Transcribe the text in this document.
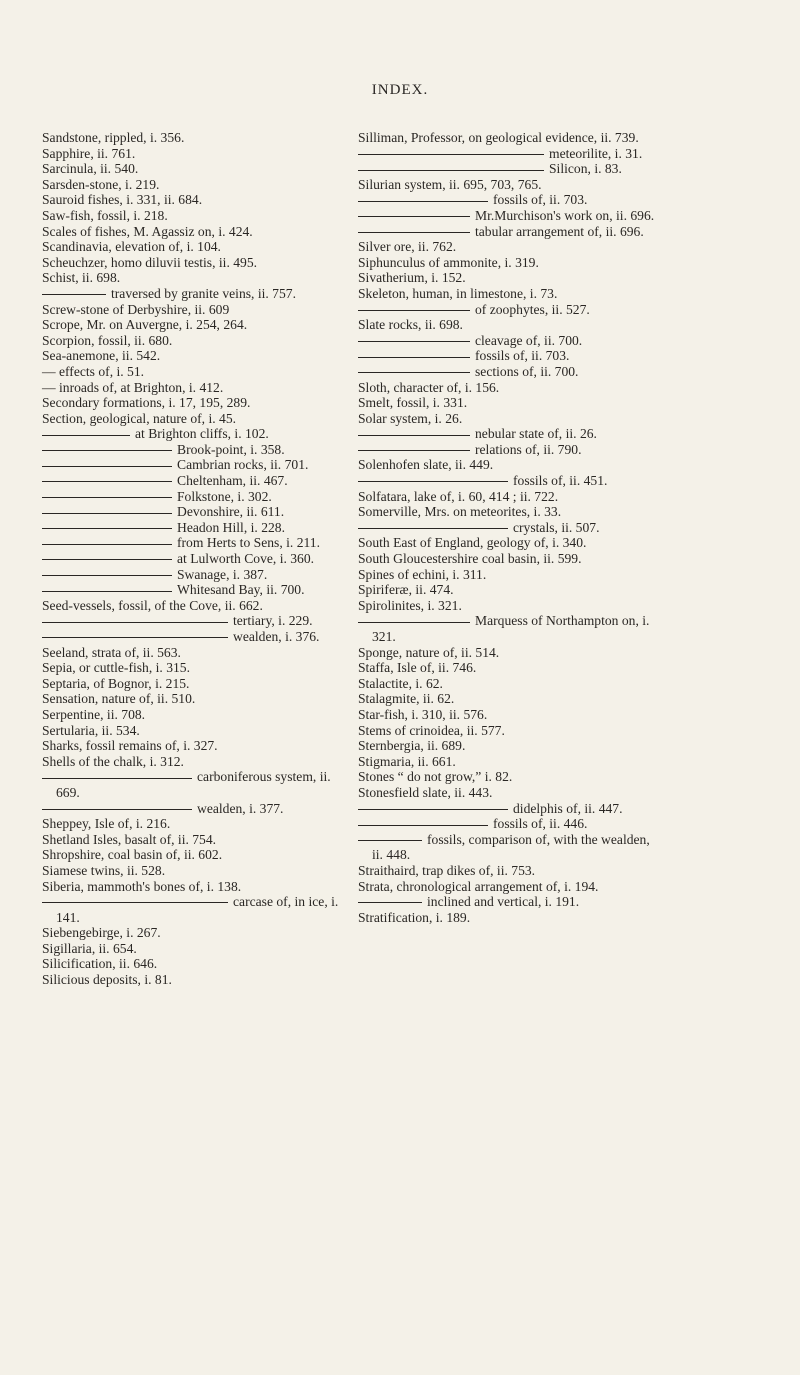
INDEX.

Sandstone, rippled, i. 356.

Sapphire, ii. 761.

Sarcinula, ii. 540.

Sarsden-stone, i. 219.

Sauroid fishes, i. 331, ii. 684.

Saw-fish, fossil, i. 218.

Scales of fishes, M. Agassiz on, i. 424.

Scandinavia, elevation of, i. 104.

Scheuchzer, homo diluvii testis, ii. 495.

Schist, ii. 698.

traversed by granite veins, ii. 757.

Screw-stone of Derbyshire, ii. 609

Scrope, Mr. on Auvergne, i. 254, 264.

Scorpion, fossil, ii. 680.

Sea-anemone, ii. 542.

— effects of, i. 51.

— inroads of, at Brighton, i. 412.

Secondary formations, i. 17, 195, 289.

Section, geological, nature of, i. 45.

at Brighton cliffs, i. 102.

Brook-point, i. 358.

Cambrian rocks, ii. 701.

Cheltenham, ii. 467.

Folkstone, i. 302.

Devonshire, ii. 611.

Headon Hill, i. 228.

from Herts to Sens, i. 211.

at Lulworth Cove, i. 360.

Swanage, i. 387.

Whitesand Bay, ii. 700.

Seed-vessels, fossil, of the Cove, ii. 662.

tertiary, i. 229.

wealden, i. 376.

Seeland, strata of, ii. 563.

Sepia, or cuttle-fish, i. 315.

Septaria, of Bognor, i. 215.

Sensation, nature of, ii. 510.

Serpentine, ii. 708.

Sertularia, ii. 534.

Sharks, fossil remains of, i. 327.

Shells of the chalk, i. 312.

carboniferous system, ii. 669.

wealden, i. 377.

Sheppey, Isle of, i. 216.

Shetland Isles, basalt of, ii. 754.

Shropshire, coal basin of, ii. 602.

Siamese twins, ii. 528.

Siberia, mammoth's bones of, i. 138.

carcase of, in ice, i. 141.

Siebengebirge, i. 267.

Sigillaria, ii. 654.

Silicification, ii. 646.

Silicious deposits, i. 81.

Silliman, Professor, on geological evidence, ii. 739.

meteorilite, i. 31.

Silicon, i. 83.

Silurian system, ii. 695, 703, 765.

fossils of, ii. 703.

Mr.Murchison's work on, ii. 696.

tabular arrangement of, ii. 696.

Silver ore, ii. 762.

Siphunculus of ammonite, i. 319.

Sivatherium, i. 152.

Skeleton, human, in limestone, i. 73.

of zoophytes, ii. 527.

Slate rocks, ii. 698.

cleavage of, ii. 700.

fossils of, ii. 703.

sections of, ii. 700.

Sloth, character of, i. 156.

Smelt, fossil, i. 331.

Solar system, i. 26.

nebular state of, ii. 26.

relations of, ii. 790.

Solenhofen slate, ii. 449.

fossils of, ii. 451.

Solfatara, lake of, i. 60, 414 ; ii. 722.

Somerville, Mrs. on meteorites, i. 33.

crystals, ii. 507.

South East of England, geology of, i. 340.

South Gloucestershire coal basin, ii. 599.

Spines of echini, i. 311.

Spiriferæ, ii. 474.

Spirolinites, i. 321.

Marquess of Northampton on, i. 321.

Sponge, nature of, ii. 514.

Staffa, Isle of, ii. 746.

Stalactite, i. 62.

Stalagmite, ii. 62.

Star-fish, i. 310, ii. 576.

Stems of crinoidea, ii. 577.

Sternbergia, ii. 689.

Stigmaria, ii. 661.

Stones “ do not grow,” i. 82.

Stonesfield slate, ii. 443.

didelphis of, ii. 447.

fossils of, ii. 446.

fossils, comparison of, with the wealden, ii. 448.

Straithaird, trap dikes of, ii. 753.

Strata, chronological arrangement of, i. 194.

inclined and vertical, i. 191.

Stratification, i. 189.
